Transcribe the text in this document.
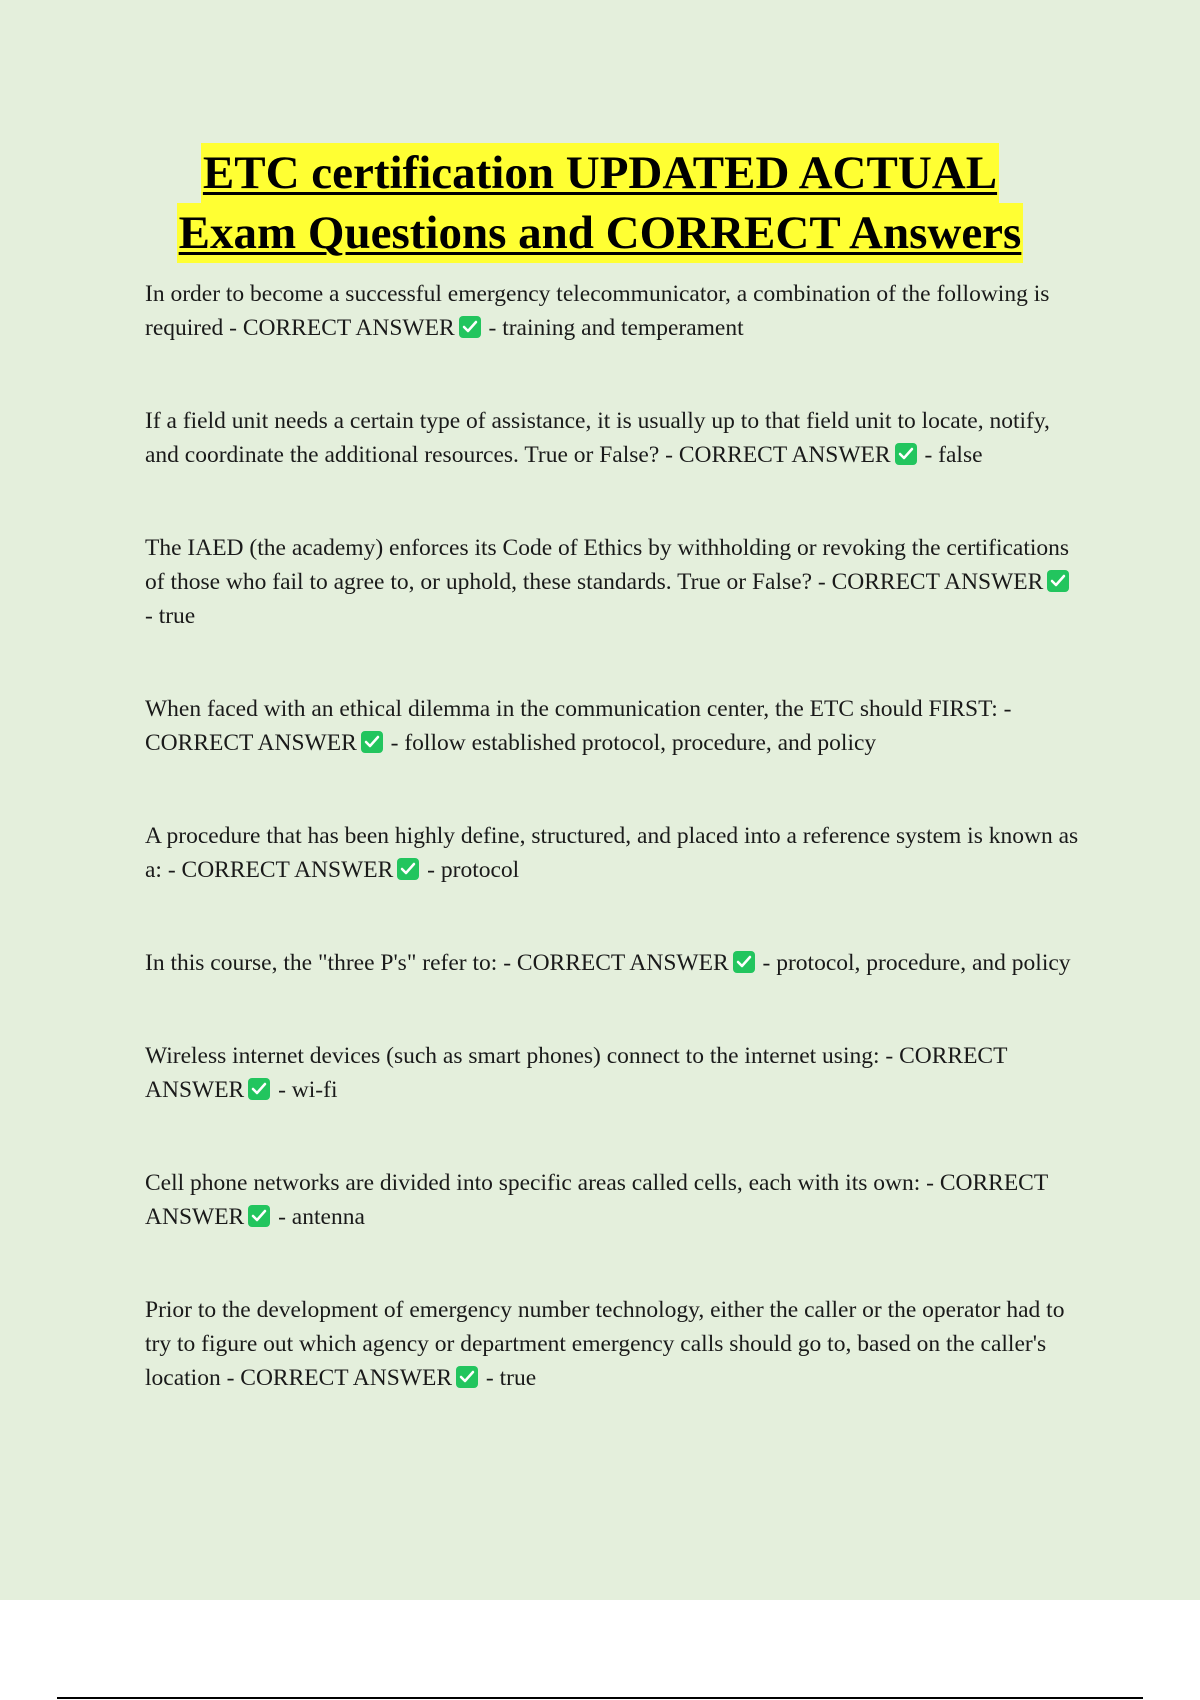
ETC certification UPDATED ACTUAL
Exam Questions and CORRECT Answers

In order to become a successful emergency telecommunicator, a combination of the following is required - CORRECT ANSWER - training and temperament

If a field unit needs a certain type of assistance, it is usually up to that field unit to locate, notify, and coordinate the additional resources. True or False? - CORRECT ANSWER - false

The IAED (the academy) enforces its Code of Ethics by withholding or revoking the certifications of those who fail to agree to, or uphold, these standards. True or False? - CORRECT ANSWER
- true

When faced with an ethical dilemma in the communication center, the ETC should FIRST: - CORRECT ANSWER - follow established protocol, procedure, and policy

A procedure that has been highly define, structured, and placed into a reference system is known as a: - CORRECT ANSWER - protocol

In this course, the "three P's" refer to: - CORRECT ANSWER - protocol, procedure, and policy

Wireless internet devices (such as smart phones) connect to the internet using: - CORRECT ANSWER - wi-fi

Cell phone networks are divided into specific areas called cells, each with its own: - CORRECT ANSWER - antenna

Prior to the development of emergency number technology, either the caller or the operator had to try to figure out which agency or department emergency calls should go to, based on the caller's location - CORRECT ANSWER - true
